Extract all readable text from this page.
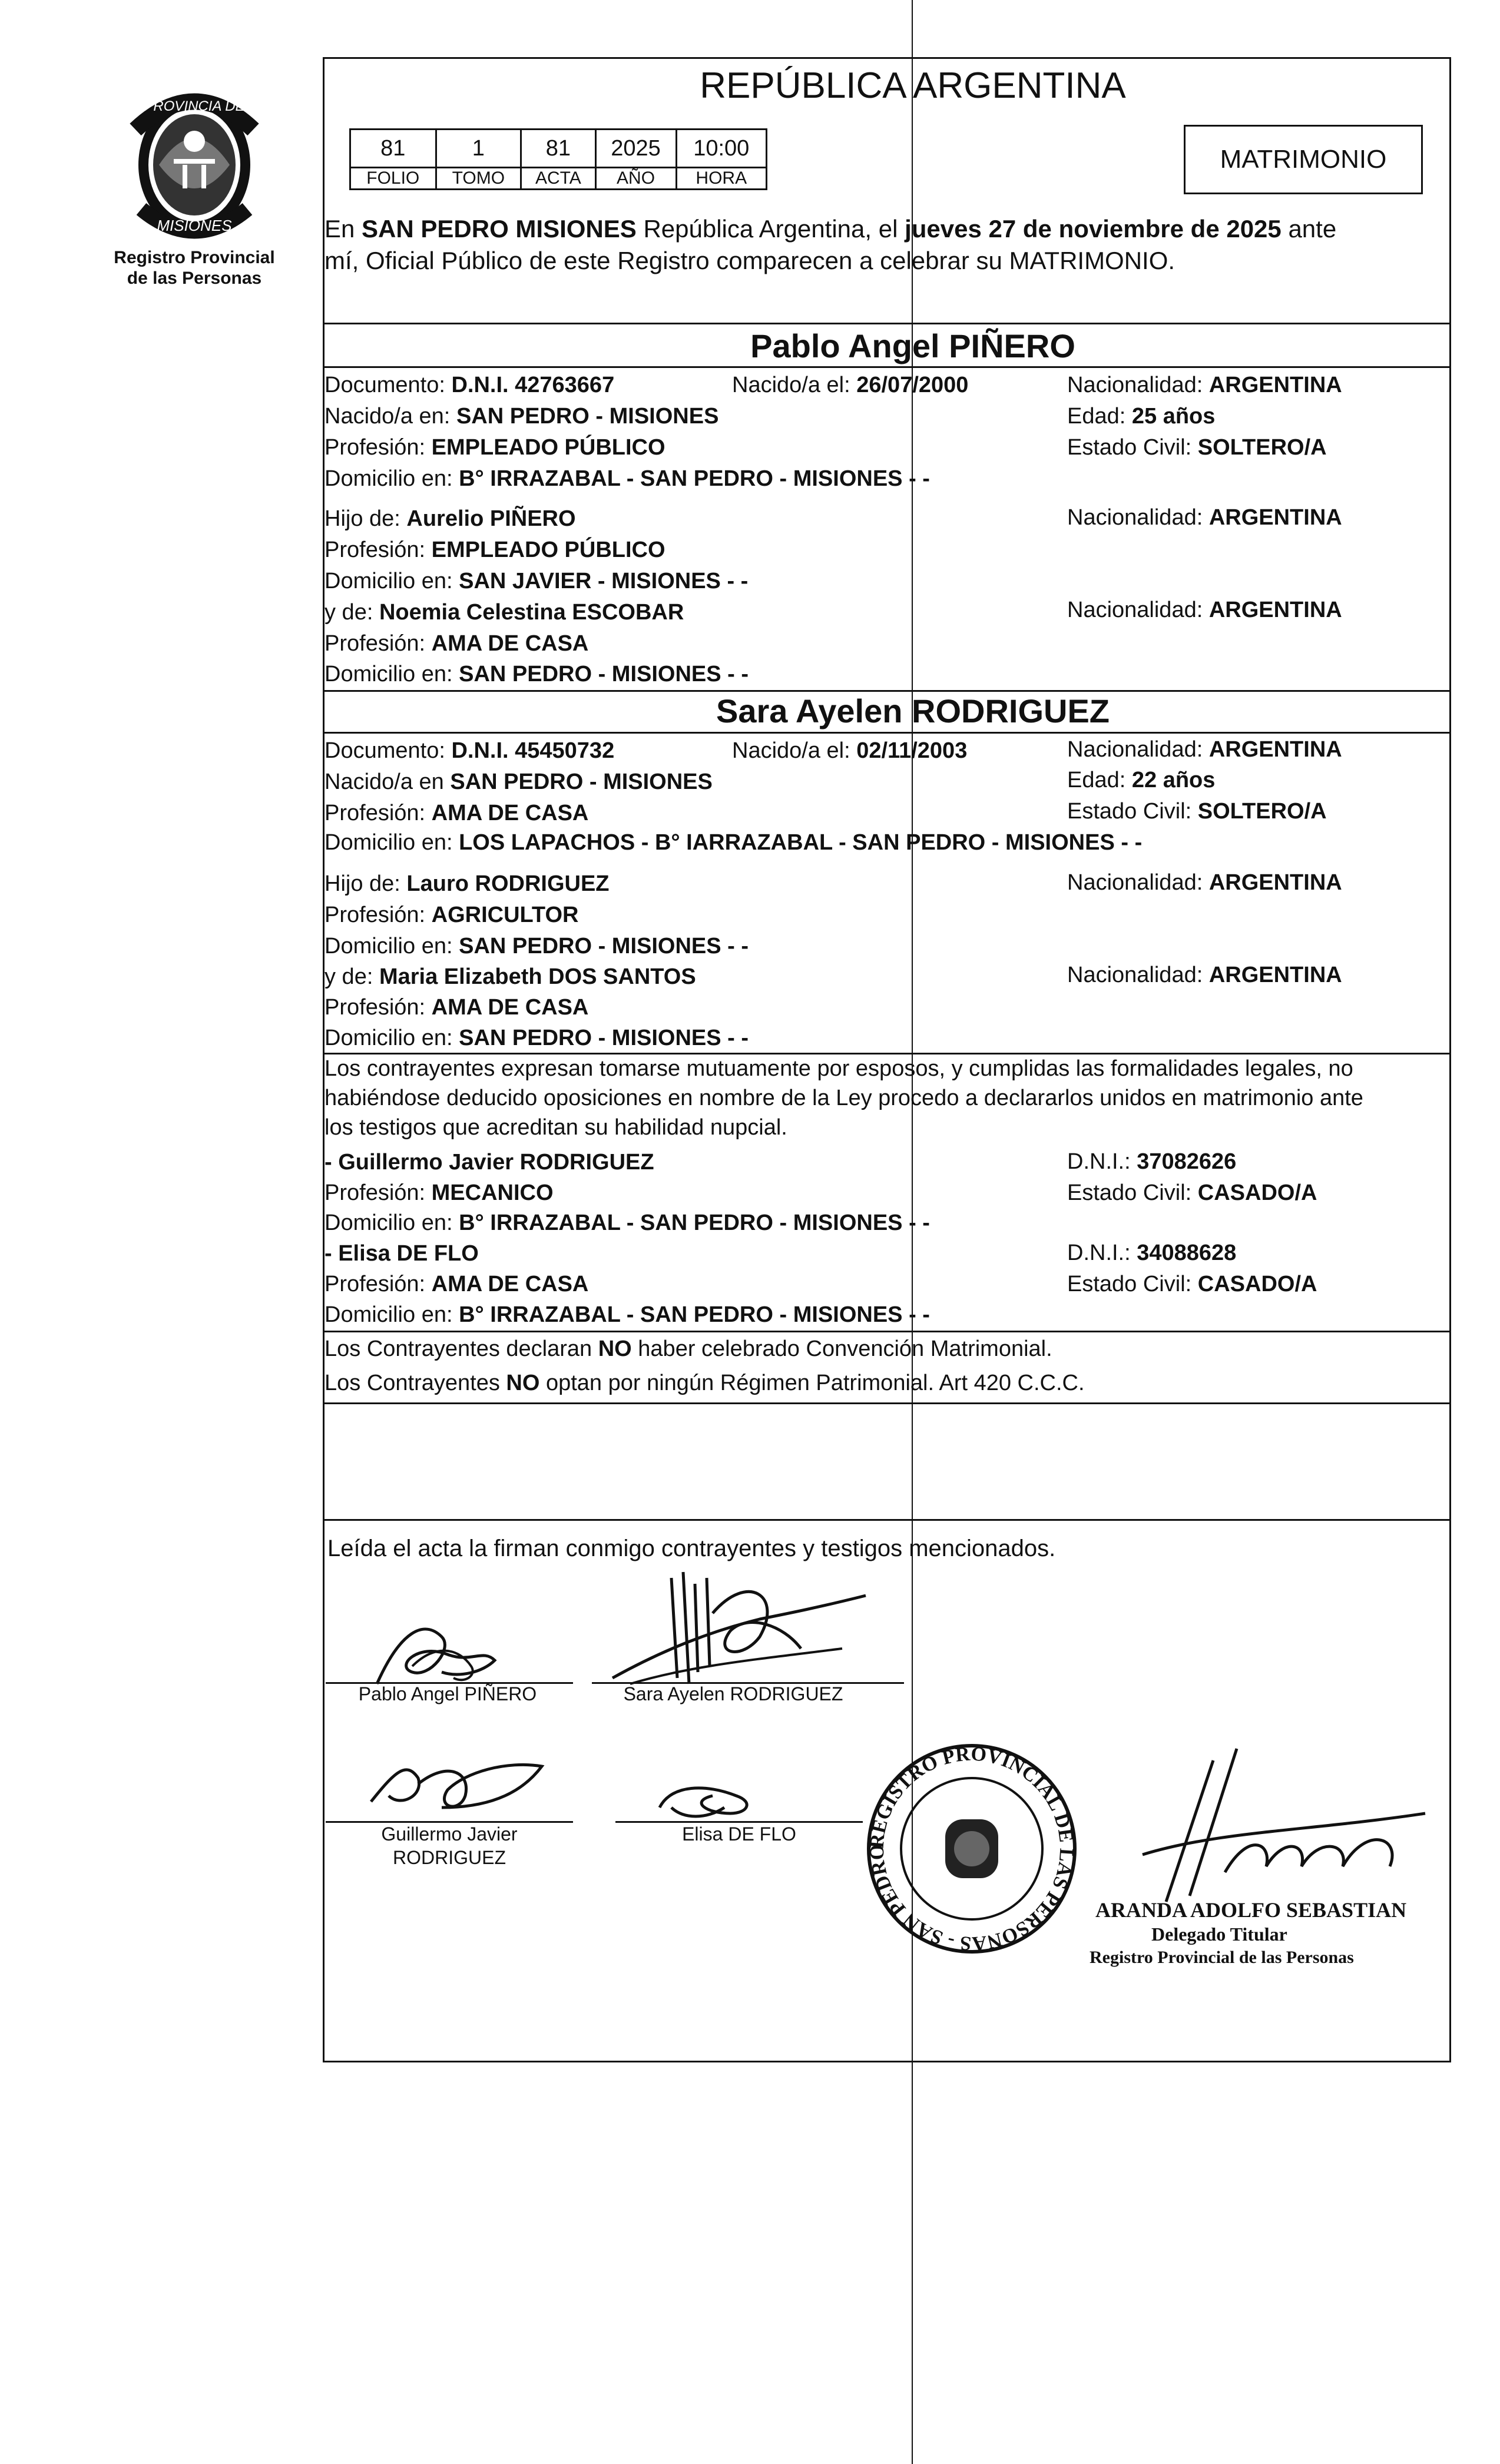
PROVINCIA DE
MISIONES
Registro Provincial
de las Personas
REPÚBLICA ARGENTINA
81	1	81	2025	10:00
FOLIO	TOMO	ACTA	AÑO	HORA
MATRIMONIO
En SAN PEDRO MISIONES República Argentina, el jueves 27 de noviembre de 2025 ante
mí, Oficial Público de este Registro comparecen a celebrar su MATRIMONIO.
Pablo Angel PIÑERO
Documento: D.N.I. 42763667	Nacido/a el: 26/07/2000	Nacionalidad: ARGENTINA
Nacido/a en: SAN PEDRO - MISIONES	Edad: 25 años
Profesión: EMPLEADO PÚBLICO	Estado Civil: SOLTERO/A
Domicilio en: B° IRRAZABAL - SAN PEDRO - MISIONES - -
Hijo de: Aurelio PIÑERO	Nacionalidad: ARGENTINA
Profesión: EMPLEADO PÚBLICO
Domicilio en: SAN JAVIER - MISIONES - -
y de: Noemia Celestina ESCOBAR	Nacionalidad: ARGENTINA
Profesión: AMA DE CASA
Domicilio en: SAN PEDRO - MISIONES - -
Sara Ayelen RODRIGUEZ
Documento: D.N.I. 45450732	Nacido/a el: 02/11/2003	Nacionalidad: ARGENTINA
Nacido/a en SAN PEDRO - MISIONES	Edad: 22 años
Profesión: AMA DE CASA	Estado Civil: SOLTERO/A
Domicilio en: LOS LAPACHOS - B° IARRAZABAL - SAN PEDRO - MISIONES - -
Hijo de: Lauro RODRIGUEZ	Nacionalidad: ARGENTINA
Profesión: AGRICULTOR
Domicilio en: SAN PEDRO - MISIONES - -
y de: Maria Elizabeth DOS SANTOS	Nacionalidad: ARGENTINA
Profesión: AMA DE CASA
Domicilio en: SAN PEDRO - MISIONES - -
Los contrayentes expresan tomarse mutuamente por esposos, y cumplidas las formalidades legales, no
habiéndose deducido oposiciones en nombre de la Ley procedo a declararlos unidos en matrimonio ante
los testigos que acreditan su habilidad nupcial.
- Guillermo Javier RODRIGUEZ	D.N.I.: 37082626
Profesión: MECANICO	Estado Civil: CASADO/A
Domicilio en: B° IRRAZABAL - SAN PEDRO - MISIONES - -
- Elisa DE FLO	D.N.I.: 34088628
Profesión: AMA DE CASA	Estado Civil: CASADO/A
Domicilio en: B° IRRAZABAL - SAN PEDRO - MISIONES - -
Los Contrayentes declaran NO haber celebrado Convención Matrimonial.
Los Contrayentes NO optan por ningún Régimen Patrimonial. Art 420 C.C.C.
Leída el acta la firman conmigo contrayentes y testigos mencionados.
Pablo Angel PIÑERO	Sara Ayelen RODRIGUEZ
Guillermo Javier
RODRIGUEZ
Elisa DE FLO	REGISTRO PROVINCIAL DE LAS PERSONAS - SAN PEDRO
ARANDA ADOLFO SEBASTIAN
Delegado Titular
Registro Provincial de las Personas
